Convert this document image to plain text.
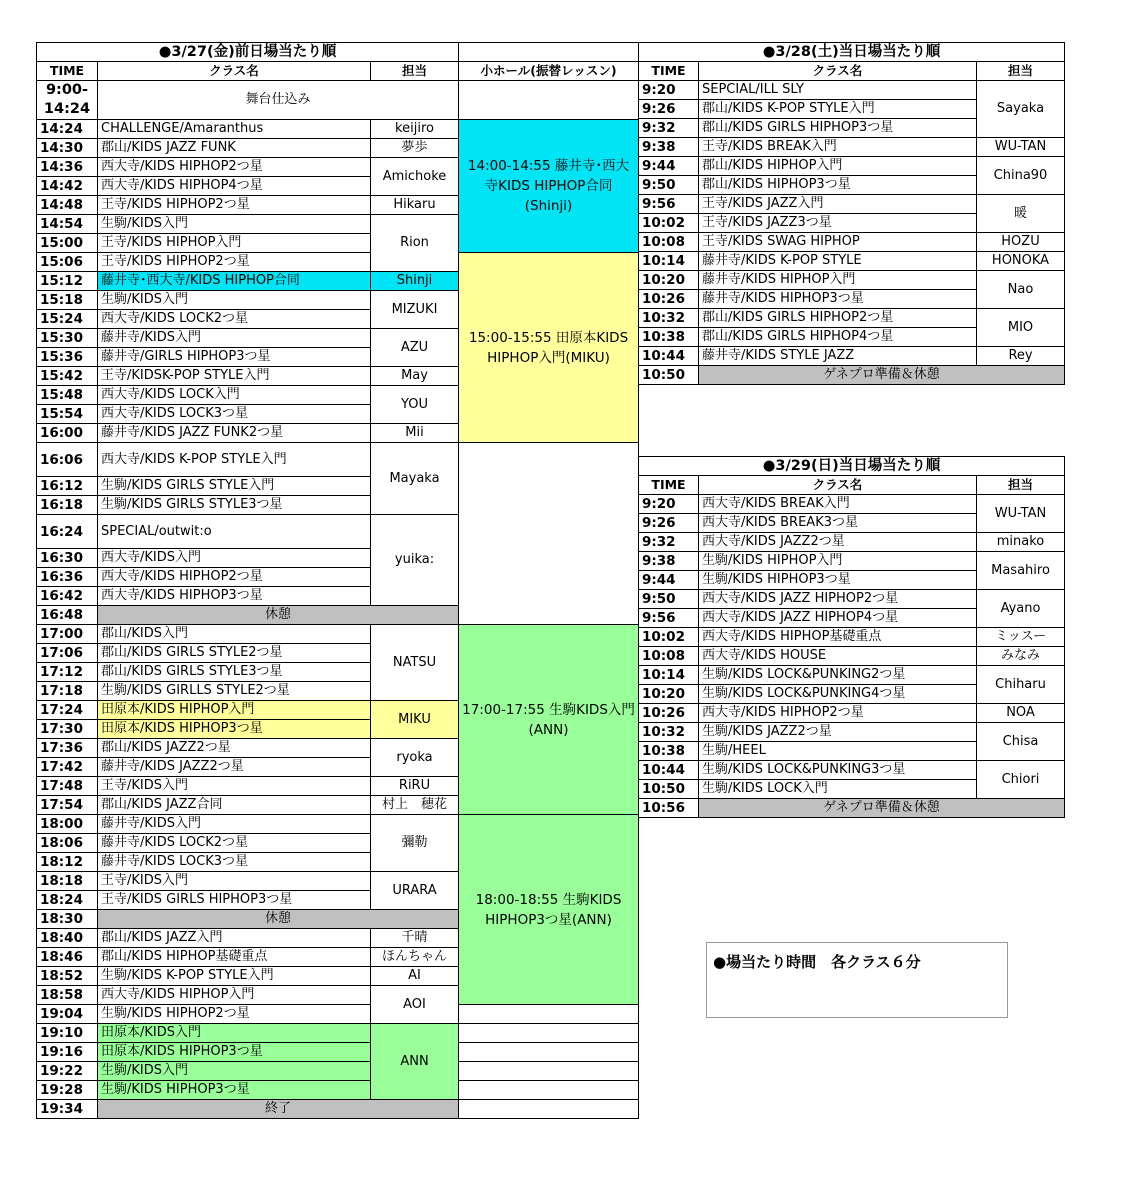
●3/27(金)前日場当たり順				
TIME	クラス名	担当	小ホール(振替レッスン)	
9:00-
14:24	舞台仕込み			
14:24	CHALLENGE/Amaranthus	keijiro	14:00-14:55 藤井寺･西大寺KIDS HIPHOP合同(Shinji)	
14:30	郡山/KIDS JAZZ FUNK	夢歩		
14:36	西大寺/KIDS HIPHOP2つ星	Amichoke		
14:42	西大寺/KIDS HIPHOP4つ星			
14:48	王寺/KIDS HIPHOP2つ星	Hikaru		
14:54	生駒/KIDS入門	Rion		
15:00	王寺/KIDS HIPHOP入門			
15:06	王寺/KIDS HIPHOP2つ星		15:00-15:55 田原本KIDS HIPHOP入門(MIKU)	
15:12	藤井寺･西大寺/KIDS HIPHOP合同	Shinji		
15:18	生駒/KIDS入門	MIZUKI		
15:24	西大寺/KIDS LOCK2つ星			
15:30	藤井寺/KIDS入門	AZU		
15:36	藤井寺/GIRLS HIPHOP3つ星			
15:42	王寺/KIDSK-POP STYLE入門	May		
15:48	西大寺/KIDS LOCK入門	YOU		
15:54	西大寺/KIDS LOCK3つ星			
16:00	藤井寺/KIDS JAZZ FUNK2つ星	Mii	
16:06	西大寺/KIDS K-POP STYLE入門	Mayaka		
16:12	生駒/KIDS GIRLS STYLE入門			
16:18	生駒/KIDS GIRLS STYLE3つ星			
16:24	SPECIAL/outwit:o	yuika:		
16:30	西大寺/KIDS入門			
16:36	西大寺/KIDS HIPHOP2つ星			
16:42	西大寺/KIDS HIPHOP3つ星			
16:48	休憩			
17:00	郡山/KIDS入門	NATSU	17:00-17:55 生駒KIDS入門(ANN)	
17:06	郡山/KIDS GIRLS STYLE2つ星			
17:12	郡山/KIDS GIRLS STYLE3つ星			
17:18	生駒/KIDS GIRLLS STYLE2つ星			
17:24	田原本/KIDS HIPHOP入門	MIKU		
17:30	田原本/KIDS HIPHOP3つ星			
17:36	郡山/KIDS JAZZ2つ星	ryoka		
17:42	藤井寺/KIDS JAZZ2つ星			
17:48	王寺/KIDS入門	RiRU		
17:54	郡山/KIDS JAZZ合同	村上　穂花		
18:00	藤井寺/KIDS入門	彌勒	18:00-18:55 生駒KIDS HIPHOP3つ星(ANN)	
18:06	藤井寺/KIDS LOCK2つ星			
18:12	藤井寺/KIDS LOCK3つ星			
18:18	王寺/KIDS入門	URARA		
18:24	王寺/KIDS GIRLS HIPHOP3つ星			
18:30	休憩			
18:40	郡山/KIDS JAZZ入門	千晴		
18:46	郡山/KIDS HIPHOP基礎重点	ほんちゃん		
18:52	生駒/KIDS K-POP STYLE入門	AI		
18:58	西大寺/KIDS HIPHOP入門	AOI		
19:04	生駒/KIDS HIPHOP2つ星			
19:10	田原本/KIDS入門	ANN		
19:16	田原本/KIDS HIPHOP3つ星			
19:22	生駒/KIDS入門			
19:28	生駒/KIDS HIPHOP3つ星			
19:34	終了			
●3/28(土)当日場当たり順		
TIME	クラス名	担当
9:20	SEPCIAL/ILL SLY	Sayaka
9:26	郡山/KIDS K-POP STYLE入門	
9:32	郡山/KIDS GIRLS HIPHOP3つ星	
9:38	王寺/KIDS BREAK入門	WU-TAN
9:44	郡山/KIDS HIPHOP入門	China90
9:50	郡山/KIDS HIPHOP3つ星	
9:56	王寺/KIDS JAZZ入門	暖
10:02	王寺/KIDS JAZZ3つ星	
10:08	王寺/KIDS SWAG HIPHOP	HOZU
10:14	藤井寺/KIDS K-POP STYLE	HONOKA
10:20	藤井寺/KIDS HIPHOP入門	Nao
10:26	藤井寺/KIDS HIPHOP3つ星	
10:32	郡山/KIDS GIRLS HIPHOP2つ星	MIO
10:38	郡山/KIDS GIRLS HIPHOP4つ星	
10:44	藤井寺/KIDS STYLE JAZZ	Rey
10:50	ゲネプロ準備＆休憩	
●3/29(日)当日場当たり順		
TIME	クラス名	担当
9:20	西大寺/KIDS BREAK入門	WU-TAN
9:26	西大寺/KIDS BREAK3つ星	
9:32	西大寺/KIDS JAZZ2つ星	minako
9:38	生駒/KIDS HIPHOP入門	Masahiro
9:44	生駒/KIDS HIPHOP3つ星	
9:50	西大寺/KIDS JAZZ HIPHOP2つ星	Ayano
9:56	西大寺/KIDS JAZZ HIPHOP4つ星	
10:02	西大寺/KIDS HIPHOP基礎重点	ミッスー
10:08	西大寺/KIDS HOUSE	みなみ
10:14	生駒/KIDS LOCK&PUNKING2つ星	Chiharu
10:20	生駒/KIDS LOCK&PUNKING4つ星	
10:26	西大寺/KIDS HIPHOP2つ星	NOA
10:32	生駒/KIDS JAZZ2つ星	Chisa
10:38	生駒/HEEL	
10:44	生駒/KIDS LOCK&PUNKING3つ星	Chiori
10:50	生駒/KIDS LOCK入門	
10:56	ゲネプロ準備＆休憩	
●場当たり時間　各クラス６分
